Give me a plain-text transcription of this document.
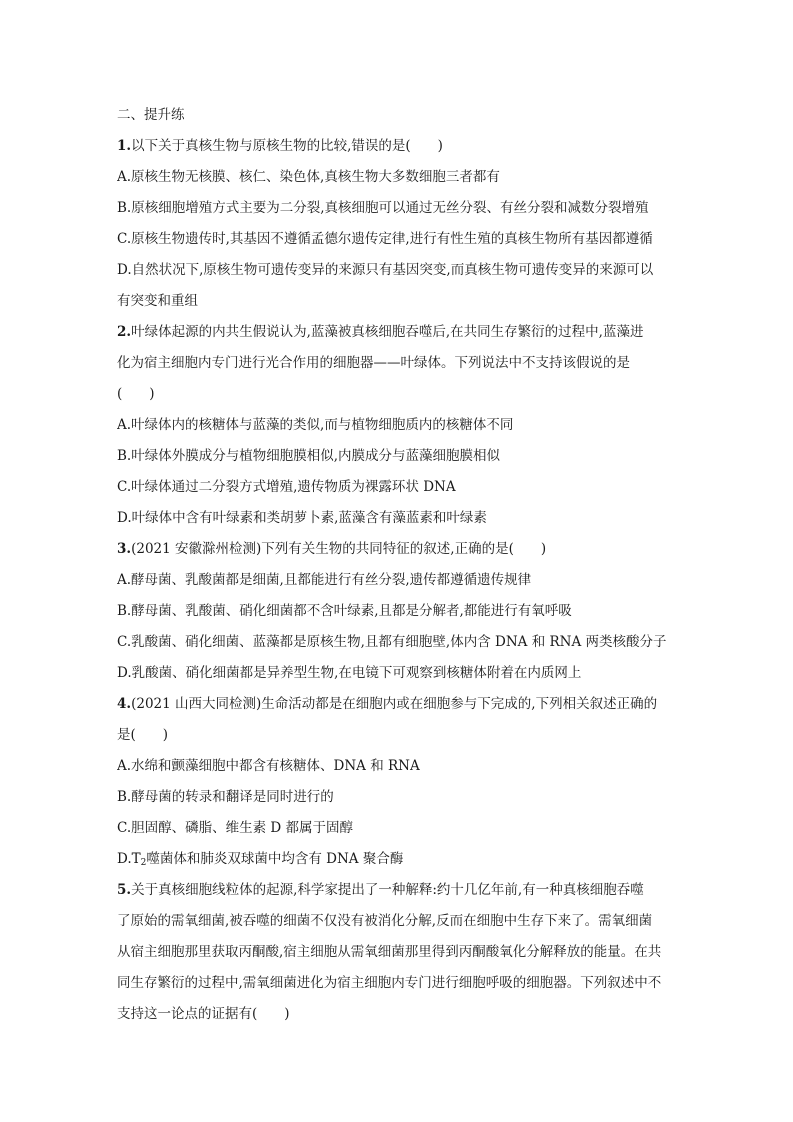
二、提升练
1.以下关于真核生物与原核生物的比较,错误的是(　　)
A.原核生物无核膜、核仁、染色体,真核生物大多数细胞三者都有
B.原核细胞增殖方式主要为二分裂,真核细胞可以通过无丝分裂、有丝分裂和减数分裂增殖
C.原核生物遗传时,其基因不遵循孟德尔遗传定律,进行有性生殖的真核生物所有基因都遵循
D.自然状况下,原核生物可遗传变异的来源只有基因突变,而真核生物可遗传变异的来源可以
有突变和重组
2.叶绿体起源的内共生假说认为,蓝藻被真核细胞吞噬后,在共同生存繁衍的过程中,蓝藻进
化为宿主细胞内专门进行光合作用的细胞器——叶绿体。下列说法中不支持该假说的是
(　　)
A.叶绿体内的核糖体与蓝藻的类似,而与植物细胞质内的核糖体不同
B.叶绿体外膜成分与植物细胞膜相似,内膜成分与蓝藻细胞膜相似
C.叶绿体通过二分裂方式增殖,遗传物质为裸露环状 DNA
D.叶绿体中含有叶绿素和类胡萝卜素,蓝藻含有藻蓝素和叶绿素
3.(2021 安徽滁州检测)下列有关生物的共同特征的叙述,正确的是(　　)
A.酵母菌、乳酸菌都是细菌,且都能进行有丝分裂,遗传都遵循遗传规律
B.酵母菌、乳酸菌、硝化细菌都不含叶绿素,且都是分解者,都能进行有氧呼吸
C.乳酸菌、硝化细菌、蓝藻都是原核生物,且都有细胞壁,体内含 DNA 和 RNA 两类核酸分子
D.乳酸菌、硝化细菌都是异养型生物,在电镜下可观察到核糖体附着在内质网上
4.(2021 山西大同检测)生命活动都是在细胞内或在细胞参与下完成的,下列相关叙述正确的
是(　　)
A.水绵和颤藻细胞中都含有核糖体、DNA 和 RNA
B.酵母菌的转录和翻译是同时进行的
C.胆固醇、磷脂、维生素 D 都属于固醇
$D.T_2$噬菌体和肺炎双球菌中均含有 DNA 聚合酶
5.关于真核细胞线粒体的起源,科学家提出了一种解释:约十几亿年前,有一种真核细胞吞噬
了原始的需氧细菌,被吞噬的细菌不仅没有被消化分解,反而在细胞中生存下来了。需氧细菌
从宿主细胞那里获取丙酮酸,宿主细胞从需氧细菌那里得到丙酮酸氧化分解释放的能量。在共
同生存繁衍的过程中,需氧细菌进化为宿主细胞内专门进行细胞呼吸的细胞器。下列叙述中不
支持这一论点的证据有(　　)
